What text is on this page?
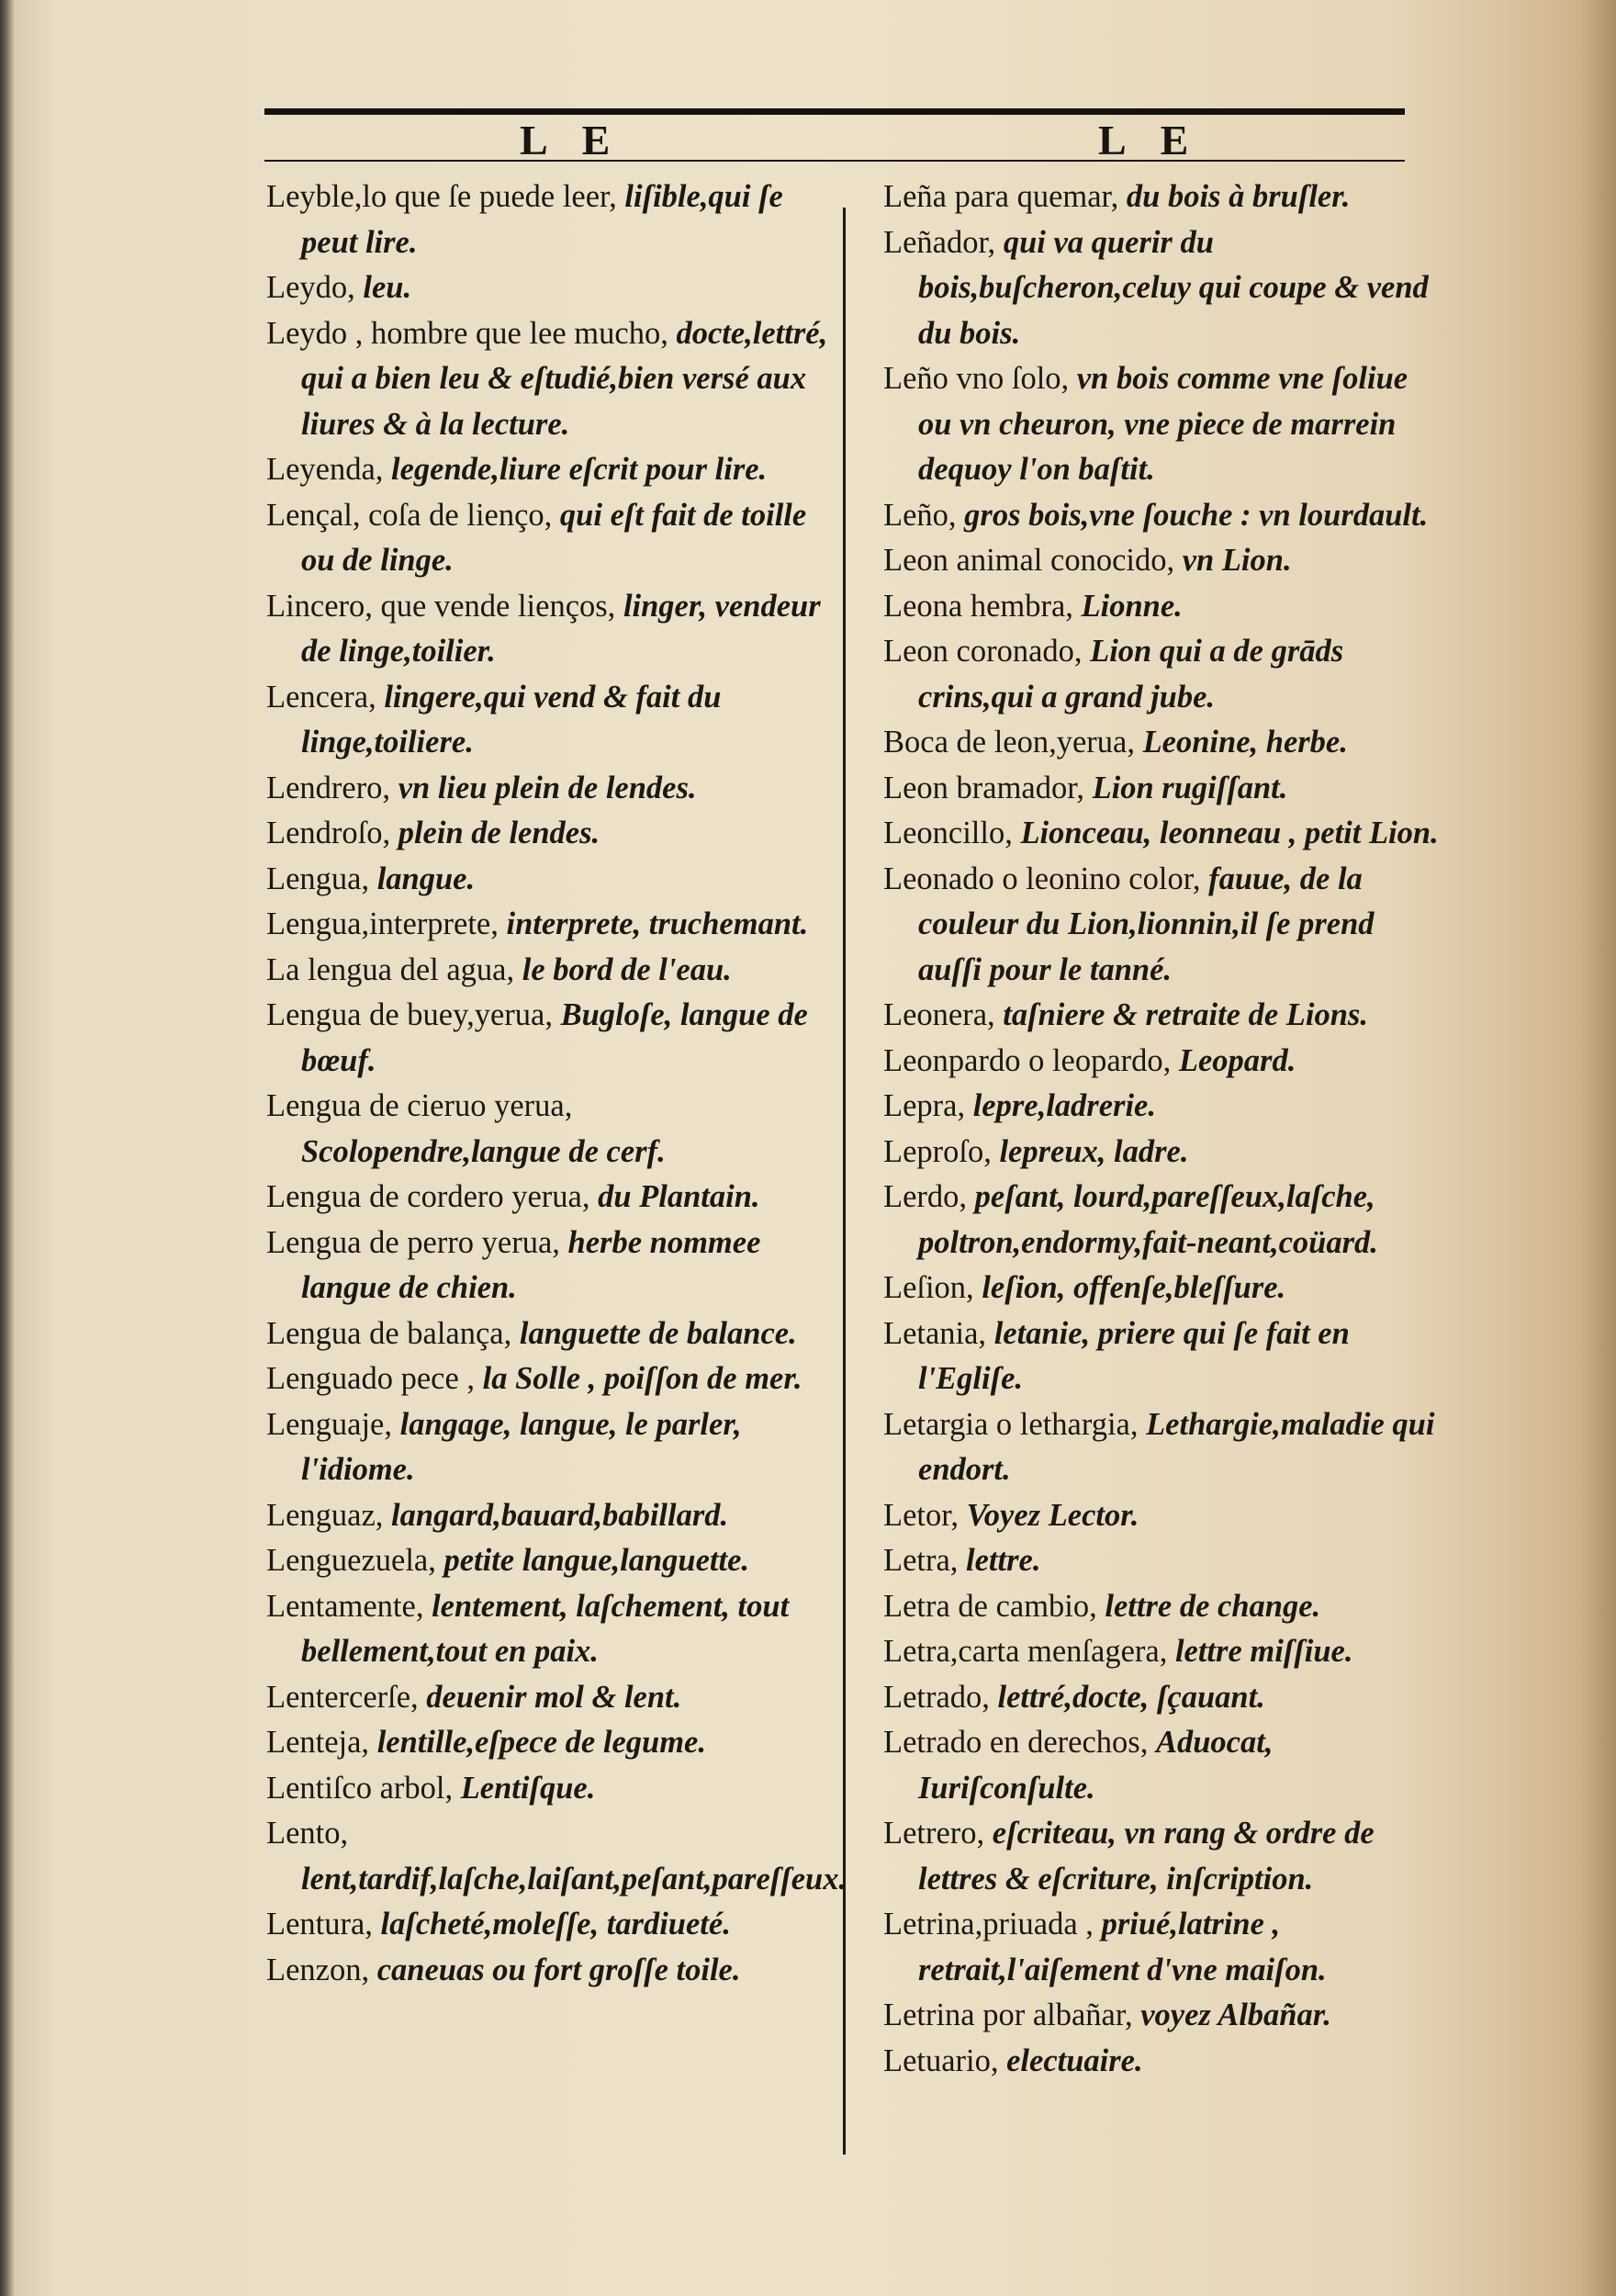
L E	L E

Leyble,lo que ſe puede leer, liſible,qui ſe peut lire.

Leydo, leu.

Leydo , hombre que lee mucho, docte,lettré, qui a bien leu & eſtudié,bien versé aux liures & à la lecture.

Leyenda, legende,liure eſcrit pour lire.

Lençal, coſa de lienço, qui eſt fait de toille ou de linge.

Lincero, que vende lienços, linger, vendeur de linge,toilier.

Lencera, lingere,qui vend & fait du linge,toiliere.

Lendrero, vn lieu plein de lendes.

Lendroſo, plein de lendes.

Lengua, langue.

Lengua,interprete, interprete, truchemant.

La lengua del agua, le bord de l'eau.

Lengua de buey,yerua, Bugloſe, langue de bœuf.

Lengua de cieruo yerua, Scolopendre,langue de cerf.

Lengua de cordero yerua, du Plantain.

Lengua de perro yerua, herbe nommee langue de chien.

Lengua de balança, languette de balance.

Lenguado pece , la Solle , poiſſon de mer.

Lenguaje, langage, langue, le parler, l'idiome.

Lenguaz, langard,bauard,babillard.

Lenguezuela, petite langue,languette.

Lentamente, lentement, laſchement, tout bellement,tout en paix.

Lentercerſe, deuenir mol & lent.

Lenteja, lentille,eſpece de legume.

Lentiſco arbol, Lentiſque.

Lento, lent,tardif,laſche,laiſant,peſant,pareſſeux.

Lentura, laſcheté,moleſſe, tardiueté.

Lenzon, caneuas ou fort groſſe toile.

Leña para quemar, du bois à bruſler.

Leñador, qui va querir du bois,buſcheron,celuy qui coupe & vend du bois.

Leño vno ſolo, vn bois comme vne ſoliue ou vn cheuron, vne piece de marrein dequoy l'on baſtit.

Leño, gros bois,vne ſouche : vn lourdault.

Leon animal conocido, vn Lion.

Leona hembra, Lionne.

Leon coronado, Lion qui a de grāds crins,qui a grand jube.

Boca de leon,yerua, Leonine, herbe.

Leon bramador, Lion rugiſſant.

Leoncillo, Lionceau, leonneau , petit Lion.

Leonado o leonino color, fauue, de la couleur du Lion,lionnin,il ſe prend auſſi pour le tanné.

Leonera, taſniere & retraite de Lions.

Leonpardo o leopardo, Leopard.

Lepra, lepre,ladrerie.

Leproſo, lepreux, ladre.

Lerdo, peſant, lourd,pareſſeux,laſche, poltron,endormy,fait-neant,coüard.

Leſion, leſion, offenſe,bleſſure.

Letania, letanie, priere qui ſe fait en l'Egliſe.

Letargia o lethargia, Lethargie,maladie qui endort.

Letor, Voyez Lector.

Letra, lettre.

Letra de cambio, lettre de change.

Letra,carta menſagera, lettre miſſiue.

Letrado, lettré,docte, ſçauant.

Letrado en derechos, Aduocat, Iuriſconſulte.

Letrero, eſcriteau, vn rang & ordre de lettres & eſcriture, inſcription.

Letrina,priuada , priué,latrine , retrait,l'aiſement d'vne maiſon.

Letrina por albañar, voyez Albañar.

Letuario, electuaire.
